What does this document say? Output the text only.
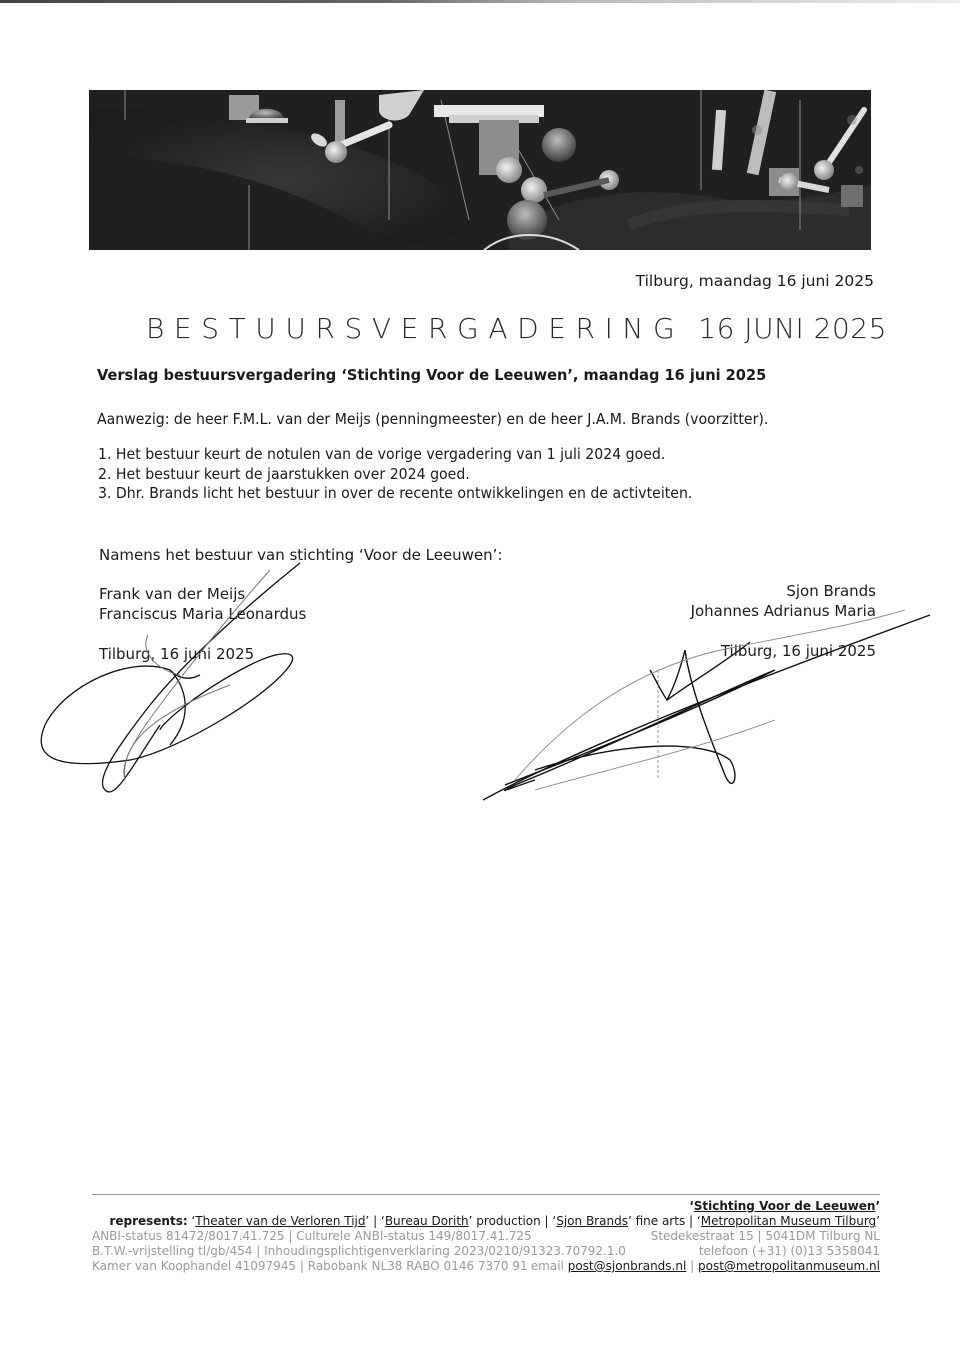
Tilburg, maandag 16 juni 2025
BESTUURSVERGADERING 16 JUNI 2025
Verslag bestuursvergadering ‘Stichting Voor de Leeuwen’, maandag 16 juni 2025
Aanwezig: de heer F.M.L. van der Meijs (penningmeester) en de heer J.A.M. Brands (voorzitter).
1. Het bestuur keurt de notulen van de vorige vergadering van 1 juli 2024 goed.
2. Het bestuur keurt de jaarstukken over 2024 goed.
3. Dhr. Brands licht het bestuur in over de recente ontwikkelingen en de activteiten.
Namens het bestuur van stichting ‘Voor de Leeuwen’:
Frank van der Meijs
Franciscus Maria Leonardus
Tilburg, 16 juni 2025
Sjon Brands
Johannes Adrianus Maria
Tilburg, 16 juni 2025
‘Stichting Voor de Leeuwen’
represents: ‘Theater van de Verloren Tijd’ | ‘Bureau Dorith’ production | ‘Sjon Brands’ fine arts | ‘Metropolitan Museum Tilburg’
ANBI-status 81472/8017.41.725 | Culturele ANBI-status 149/8017.41.725	Stedekestraat 15 | 5041DM Tilburg NL
B.T.W.-vrijstelling tl/gb/454 | Inhoudingsplichtigenverklaring 2023/0210/91323.70792.1.0	telefoon (+31) (0)13 5358041
Kamer van Koophandel 41097945 | Rabobank NL38 RABO 0146 7370 91 email post@sjonbrands.nl | post@metropolitanmuseum.nl
